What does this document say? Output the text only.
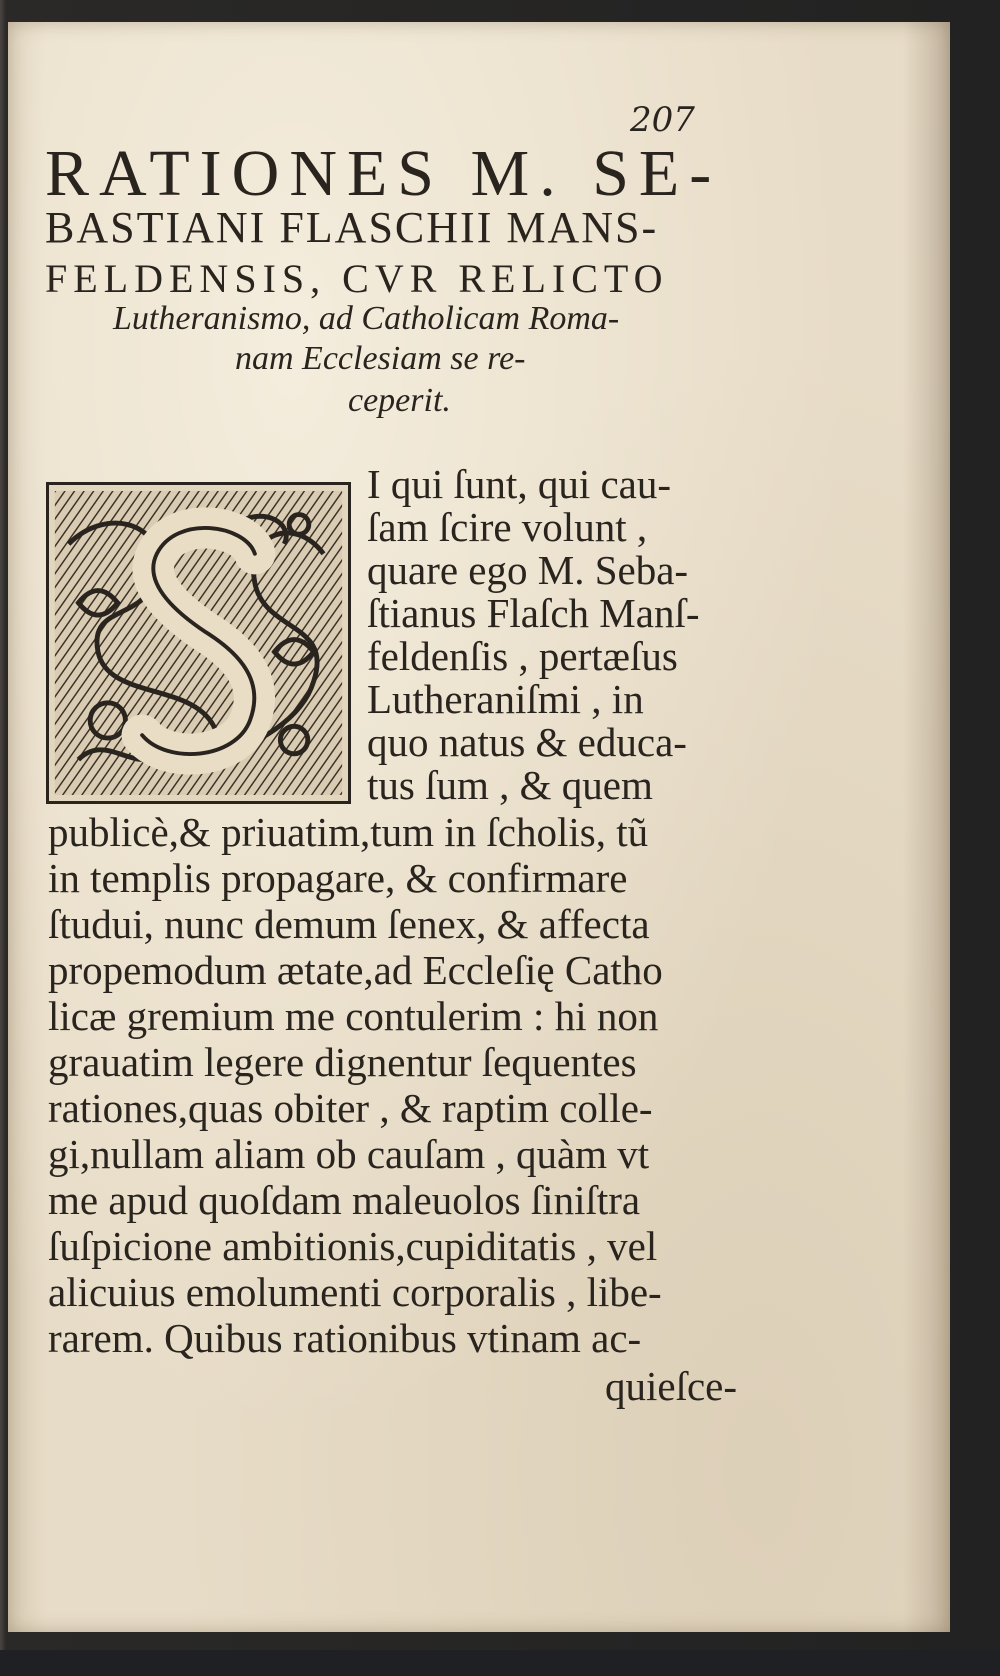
207
RATIONES M. SE-
BASTIANI FLASCHII MANS-
FELDENSIS, CVR RELICTO
Lutheranismo, ad Catholicam Roma-
nam Ecclesiam se re-
ceperit.
I qui ſunt, qui cau-
ſam ſcire volunt ,
quare ego M. Seba-
ſtianus Flaſch Manſ-
feldenſis , pertæſus
Lutheraniſmi , in
quo natus & educa-
tus ſum , & quem
publicè,& priuatim,tum in ſcholis, tũ
in templis propagare, & confirmare
ſtudui, nunc demum ſenex, & affecta
propemodum ætate,ad Eccleſię Catho
licæ gremium me contulerim : hi non
grauatim legere dignentur ſequentes
rationes,quas obiter , & raptim colle-
gi,nullam aliam ob cauſam , quàm vt
me apud quoſdam maleuolos ſiniſtra
ſuſpicione ambitionis,cupiditatis , vel
alicuius emolumenti corporalis , libe-
rarem. Quibus rationibus vtinam ac-
quieſce-
